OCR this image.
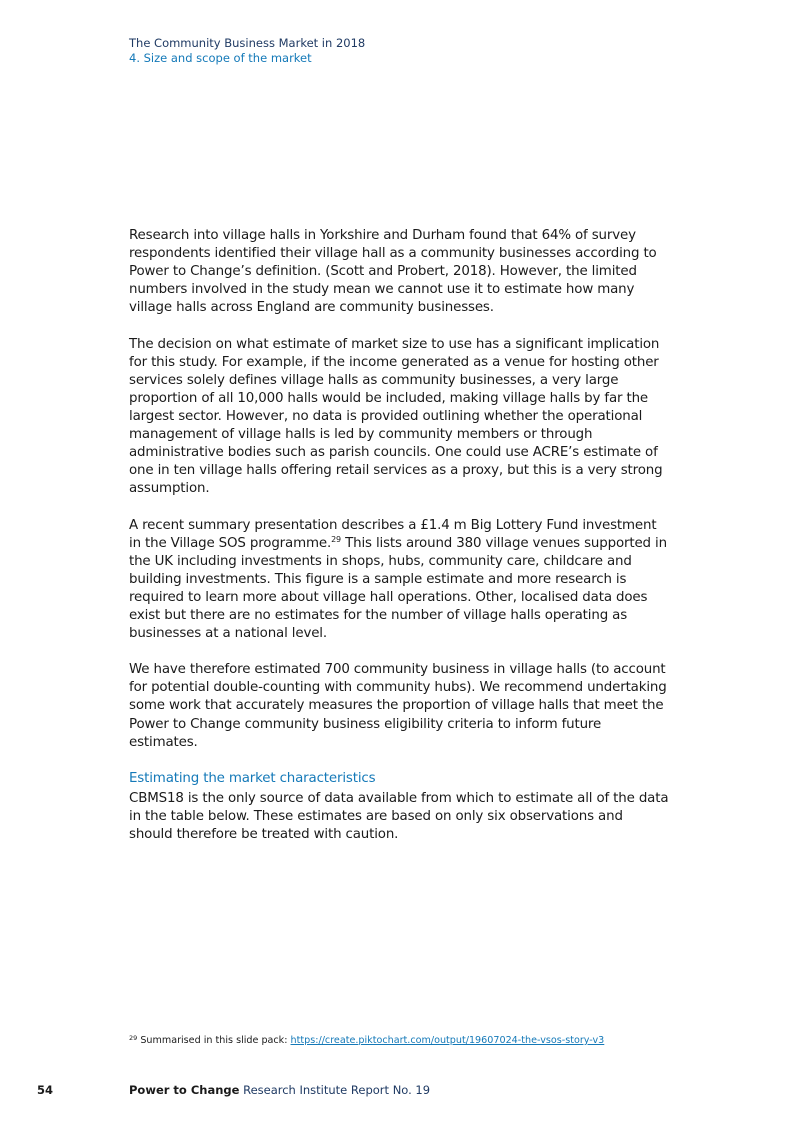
The Community Business Market in 2018
4. Size and scope of the market

Research into village halls in Yorkshire and Durham found that 64% of survey respondents identified their village hall as a community businesses according to Power to Change’s definition. (Scott and Probert, 2018). However, the limited numbers involved in the study mean we cannot use it to estimate how many village halls across England are community businesses.

The decision on what estimate of market size to use has a significant implication for this study. For example, if the income generated as a venue for hosting other services solely defines village halls as community businesses, a very large proportion of all 10,000 halls would be included, making village halls by far the largest sector. However, no data is provided outlining whether the operational management of village halls is led by community members or through administrative bodies such as parish councils. One could use ACRE’s estimate of one in ten village halls offering retail services as a proxy, but this is a very strong assumption.

A recent summary presentation describes a £1.4 m Big Lottery Fund investment in the Village SOS programme.$^{29}$ This lists around 380 village venues supported in the UK including investments in shops, hubs, community care, childcare and building investments. This figure is a sample estimate and more research is required to learn more about village hall operations. Other, localised data does exist but there are no estimates for the number of village halls operating as businesses at a national level.

We have therefore estimated 700 community business in village halls (to account for potential double-counting with community hubs). We recommend undertaking some work that accurately measures the proportion of village halls that meet the Power to Change community business eligibility criteria to inform future estimates.

Estimating the market characteristics

CBMS18 is the only source of data available from which to estimate all of the data in the table below. These estimates are based on only six observations and should therefore be treated with caution.

$^{29}$ Summarised in this slide pack: https://create.piktochart.com/output/19607024-the-vsos-story-v3
54	Power to Change Research Institute Report No. 19
